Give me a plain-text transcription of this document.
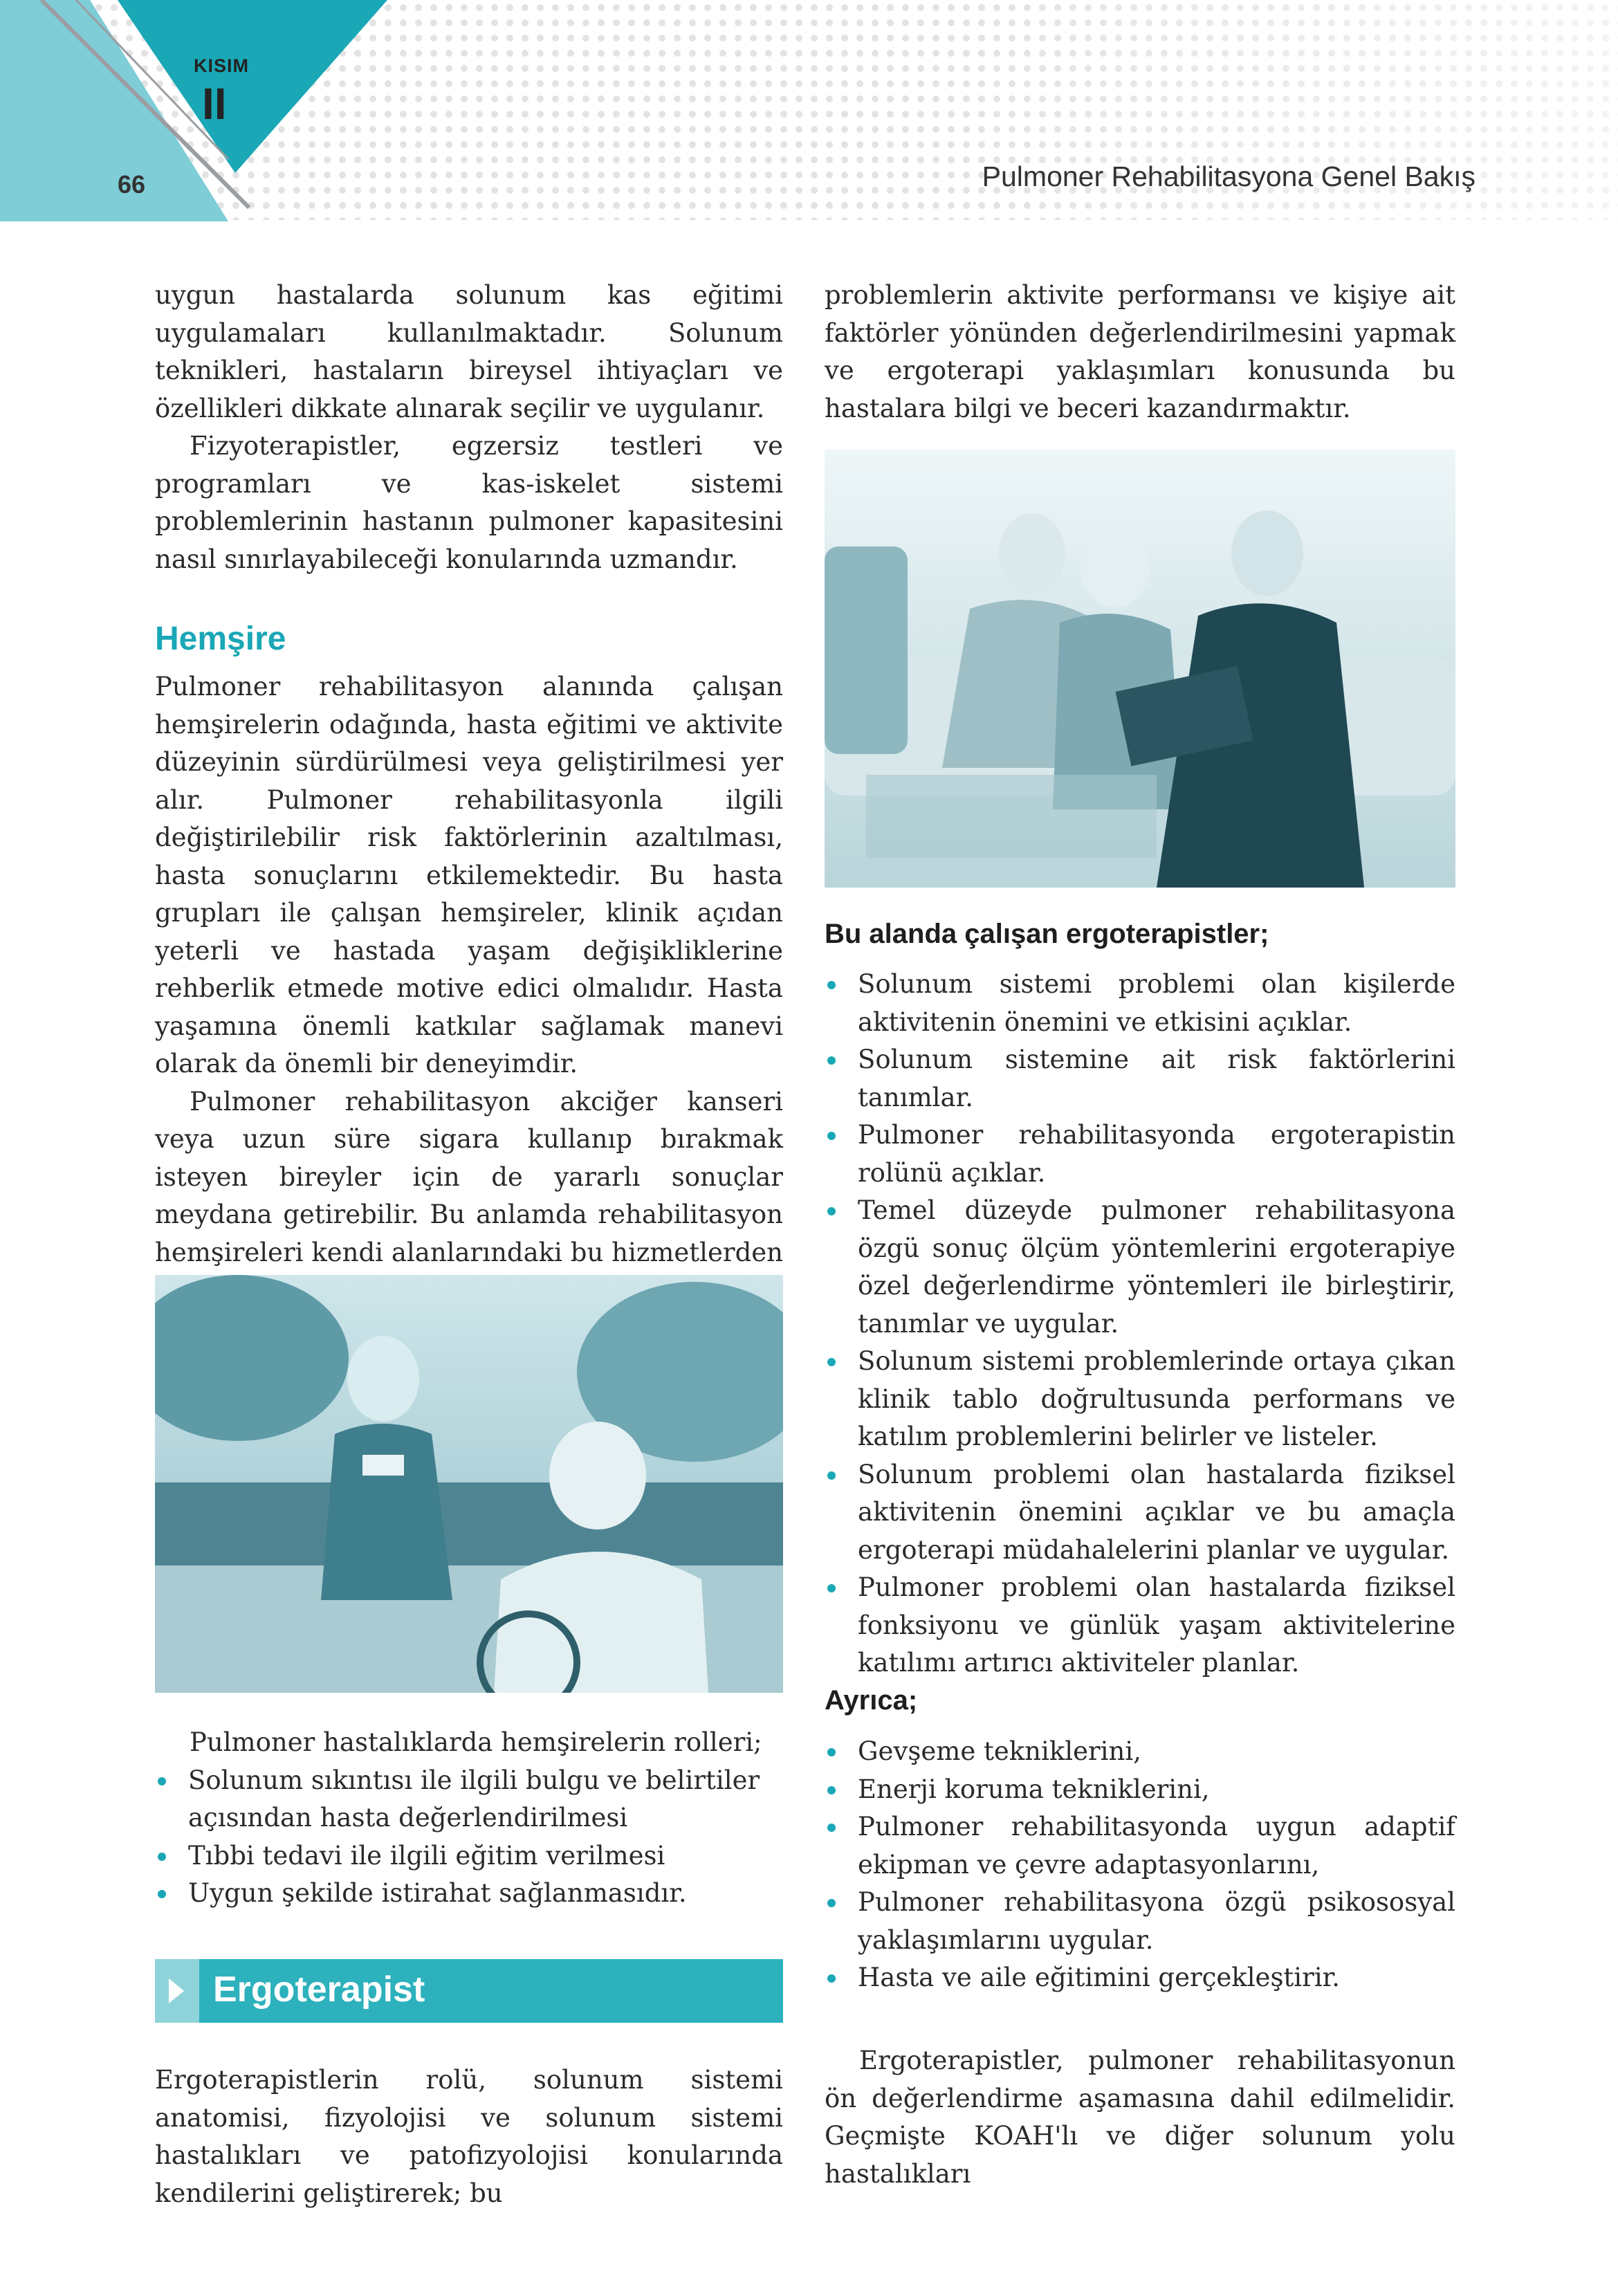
KISIM
II
66	Pulmoner Rehabilitasyona Genel Bakış

uygun hastalarda solunum kas eğitimi uygulamaları kullanılmaktadır. Solunum teknikleri, hastaların bireysel ihtiyaçları ve özellikleri dikkate alınarak seçilir ve uygulanır.

Fizyoterapistler, egzersiz testleri ve programları ve kas-iskelet sistemi problemlerinin hastanın pulmoner kapasitesini nasıl sınırlayabileceği konularında uzmandır.

Hemşire

Pulmoner rehabilitasyon alanında çalışan hemşirelerin odağında, hasta eğitimi ve aktivite düzeyinin sürdürülmesi veya geliştirilmesi yer alır. Pulmoner rehabilitasyonla ilgili değiştirilebilir risk faktörlerinin azaltılması, hasta sonuçlarını etkilemektedir. Bu hasta grupları ile çalışan hemşireler, klinik açıdan yeterli ve hastada yaşam değişikliklerine rehberlik etmede motive edici olmalıdır. Hasta yaşamına önemli katkılar sağlamak manevi olarak da önemli bir deneyimdir.

Pulmoner rehabilitasyon akciğer kanseri veya uzun süre sigara kullanıp bırakmak isteyen bireyler için de yararlı sonuçlar meydana getirebilir. Bu anlamda rehabilitasyon hemşireleri kendi alanlarındaki bu hizmetlerden

Pulmoner hastalıklarda hemşirelerin rolleri;

Solunum sıkıntısı ile ilgili bulgu ve belirtiler açısından hasta değerlendirilmesi
Tıbbi tedavi ile ilgili eğitim verilmesi
Uygun şekilde istirahat sağlanmasıdır.
Ergoterapist

Ergoterapistlerin rolü, solunum sistemi anatomisi, fizyolojisi ve solunum sistemi hastalıkları ve patofizyolojisi konularında kendilerini geliştirerek; bu

problemlerin aktivite performansı ve kişiye ait faktörler yönünden değerlendirilmesini yapmak ve ergoterapi yaklaşımları konusunda bu hastalara bilgi ve beceri kazandırmaktır.

Bu alanda çalışan ergoterapistler;
Solunum sistemi problemi olan kişilerde aktivitenin önemini ve etkisini açıklar.
Solunum sistemine ait risk faktörlerini tanımlar.
Pulmoner rehabilitasyonda ergoterapistin rolünü açıklar.
Temel düzeyde pulmoner rehabilitasyona özgü sonuç ölçüm yöntemlerini ergoterapiye özel değerlendirme yöntemleri ile birleştirir, tanımlar ve uygular.
Solunum sistemi problemlerinde ortaya çıkan klinik tablo doğrultusunda performans ve katılım problemlerini belirler ve listeler.
Solunum problemi olan hastalarda fiziksel aktivitenin önemini açıklar ve bu amaçla ergoterapi müdahalelerini planlar ve uygular.
Pulmoner problemi olan hastalarda fiziksel fonksiyonu ve günlük yaşam aktivitelerine katılımı artırıcı aktiviteler planlar.
Ayrıca;
Gevşeme tekniklerini,
Enerji koruma tekniklerini,
Pulmoner rehabilitasyonda uygun adaptif ekipman ve çevre adaptasyonlarını,
Pulmoner rehabilitasyona özgü psikososyal yaklaşımlarını uygular.
Hasta ve aile eğitimini gerçekleştirir.

Ergoterapistler, pulmoner rehabilitasyonun ön değerlendirme aşamasına dahil edilmelidir. Geçmişte KOAH'lı ve diğer solunum yolu hastalıkları
